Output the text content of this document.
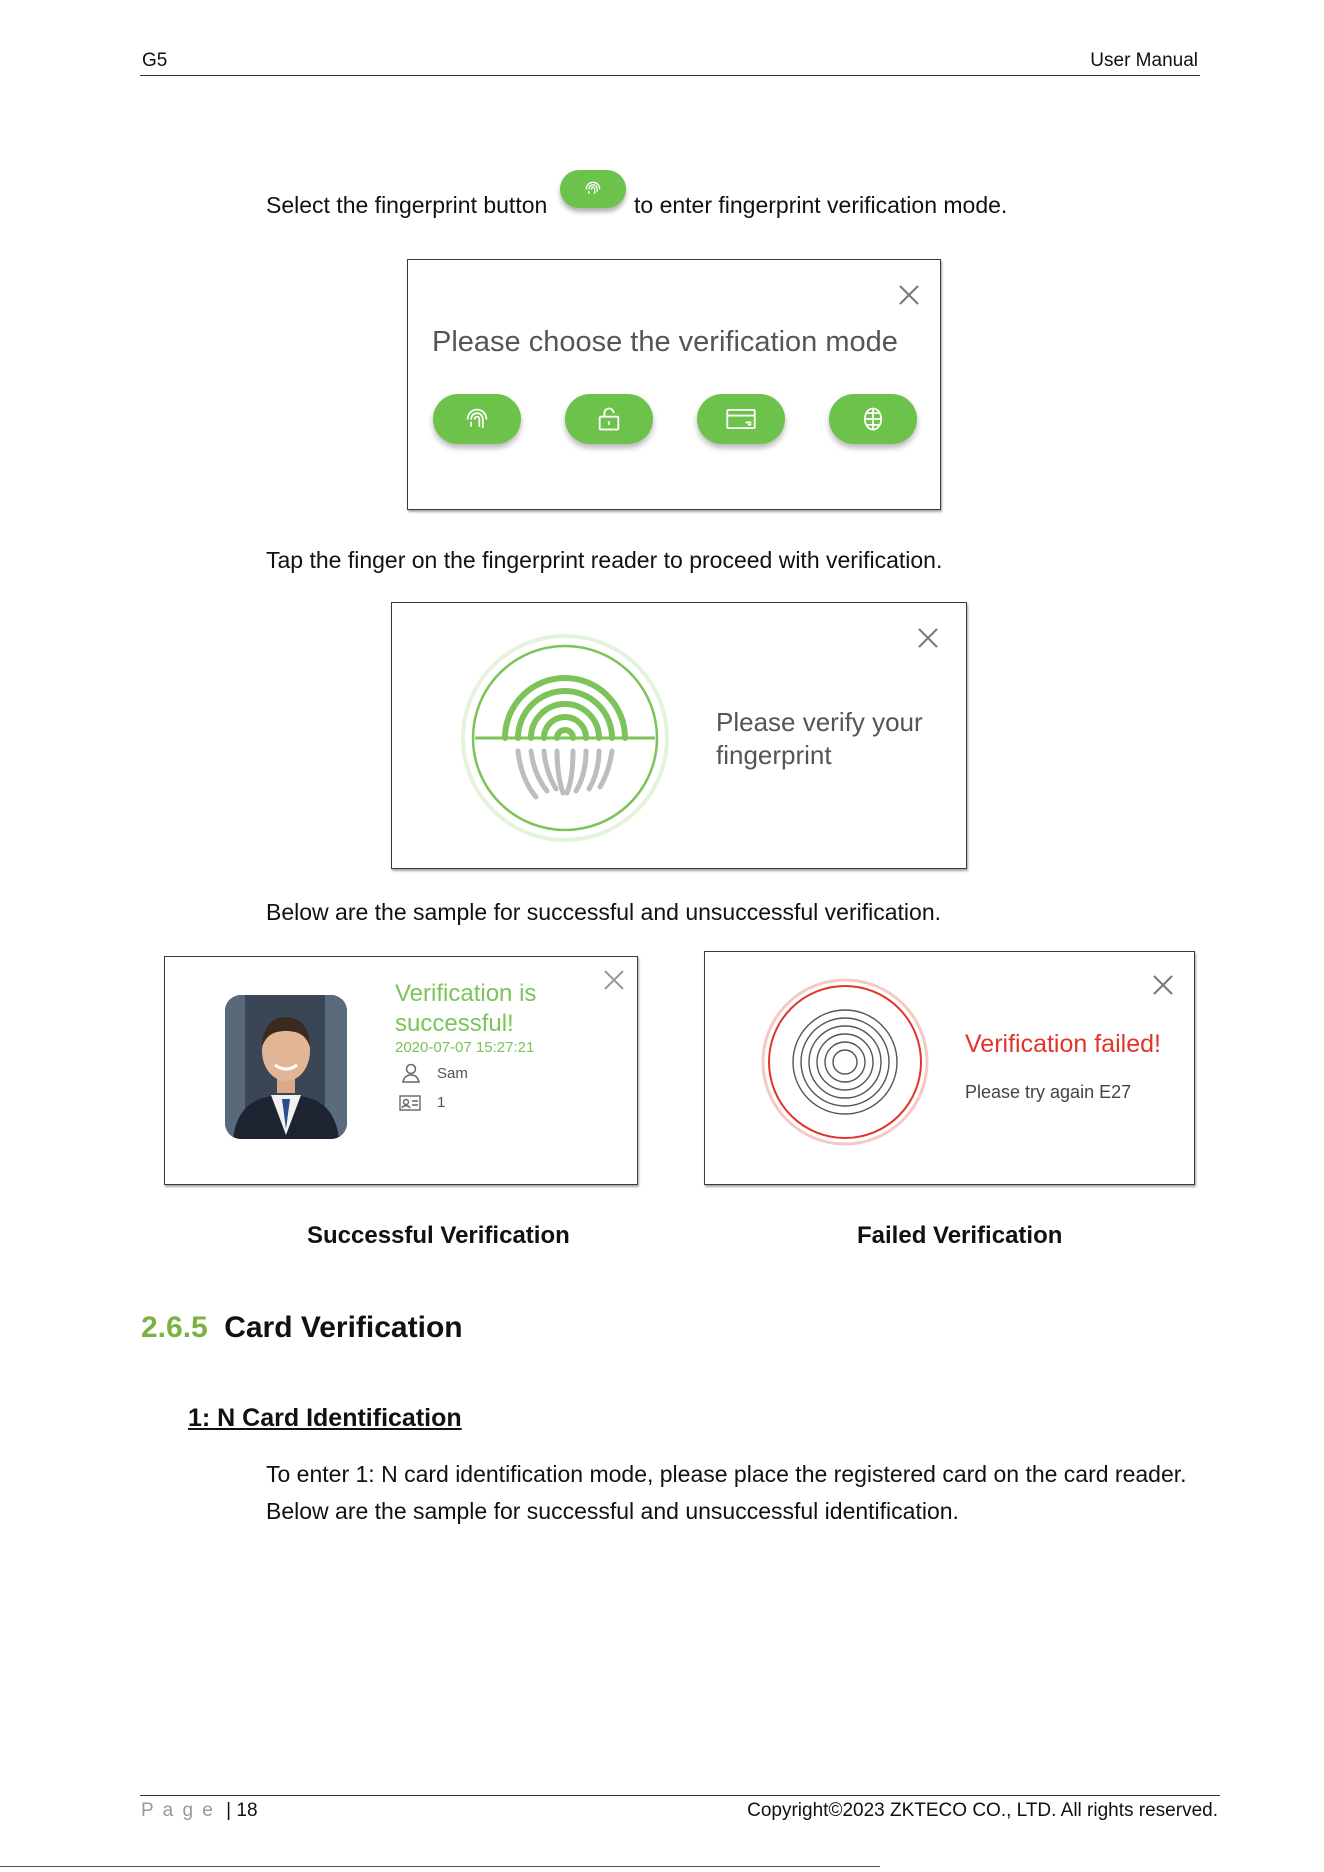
G5	User Manual
Select the fingerprint button	to enter fingerprint verification mode.
Please choose the verification mode
Tap the finger on the fingerprint reader to proceed with verification.
Please verify your
fingerprint
Below are the sample for successful and unsuccessful verification.
Verification is
successful!
2020-07-07 15:27:21
Sam
1
Verification failed!
Please try again E27
Successful Verification	Failed Verification
2.6.5 Card Verification
1: N Card Identification
To enter 1: N card identification mode, please place the registered card on the card reader.
Below are the sample for successful and unsuccessful identification.
P a g e | 18	Copyright©2023 ZKTECO CO., LTD. All rights reserved.
